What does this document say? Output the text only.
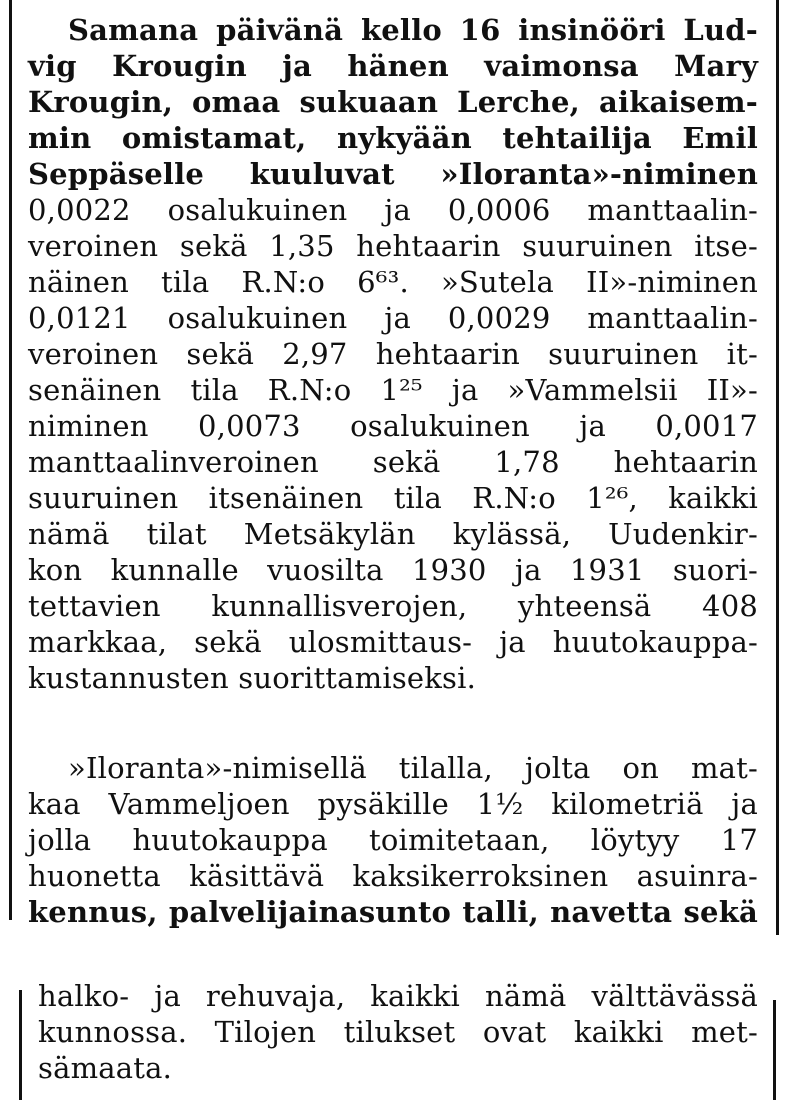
Samana päivänä kello 16 insinööri Lud-
vig Krougin ja hänen vaimonsa Mary
Krougin, omaa sukuaan Lerche, aikaisem-
min omistamat, nykyään tehtailija Emil
Seppäselle kuuluvat »Iloranta»-niminen
0,0022 osalukuinen ja 0,0006 manttaalin-
veroinen sekä 1,35 hehtaarin suuruinen itse-
näinen tila R.N:o 6⁶³. »Sutela II»-niminen
0,0121 osalukuinen ja 0,0029 manttaalin-
veroinen sekä 2,97 hehtaarin suuruinen it-
senäinen tila R.N:o 1²⁵ ja »Vammelsii II»-
niminen 0,0073 osalukuinen ja 0,0017
manttaalinveroinen sekä 1,78 hehtaarin
suuruinen itsenäinen tila R.N:o 1²⁶, kaikki
nämä tilat Metsäkylän kylässä, Uudenkir-
kon kunnalle vuosilta 1930 ja 1931 suori-
tettavien kunnallisverojen, yhteensä 408
markkaa, sekä ulosmittaus- ja huutokauppa-
kustannusten suorittamiseksi.
»Iloranta»-nimisellä tilalla, jolta on mat-
kaa Vammeljoen pysäkille 1½ kilometriä ja
jolla huutokauppa toimitetaan, löytyy 17
huonetta käsittävä kaksikerroksinen asuinra-
kennus, palvelijainasunto talli, navetta sekä
halko- ja rehuvaja, kaikki nämä välttävässä
kunnossa. Tilojen tilukset ovat kaikki met-
sämaata.
